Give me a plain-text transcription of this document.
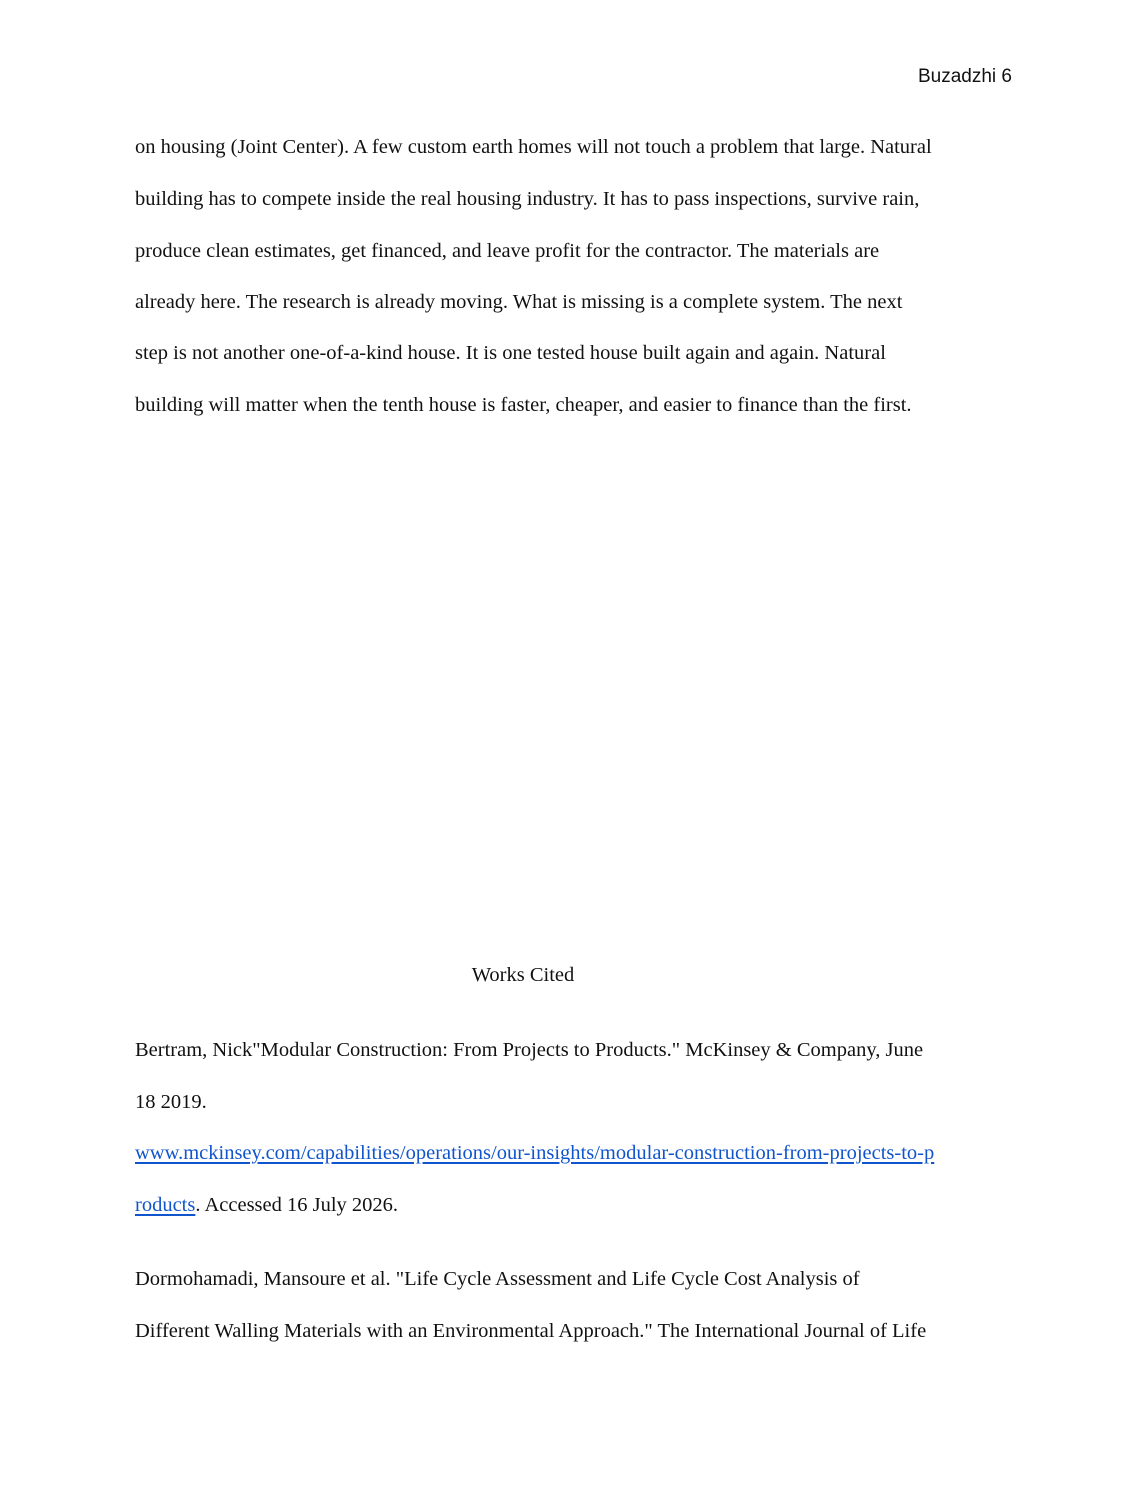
Buzadzhi 6
on housing (Joint Center). A few custom earth homes will not touch a problem that large. Natural
building has to compete inside the real housing industry. It has to pass inspections, survive rain,
produce clean estimates, get financed, and leave profit for the contractor. The materials are
already here. The research is already moving. What is missing is a complete system. The next
step is not another one-of-a-kind house. It is one tested house built again and again. Natural
building will matter when the tenth house is faster, cheaper, and easier to finance than the first.
Works Cited
Bertram, Nick"Modular Construction: From Projects to Products." McKinsey & Company, June
18 2019.
www.mckinsey.com/capabilities/operations/our-insights/modular-construction-from-projects-to-p
roducts. Accessed 16 July 2026.
Dormohamadi, Mansoure et al. "Life Cycle Assessment and Life Cycle Cost Analysis of
Different Walling Materials with an Environmental Approach." The International Journal of Life
